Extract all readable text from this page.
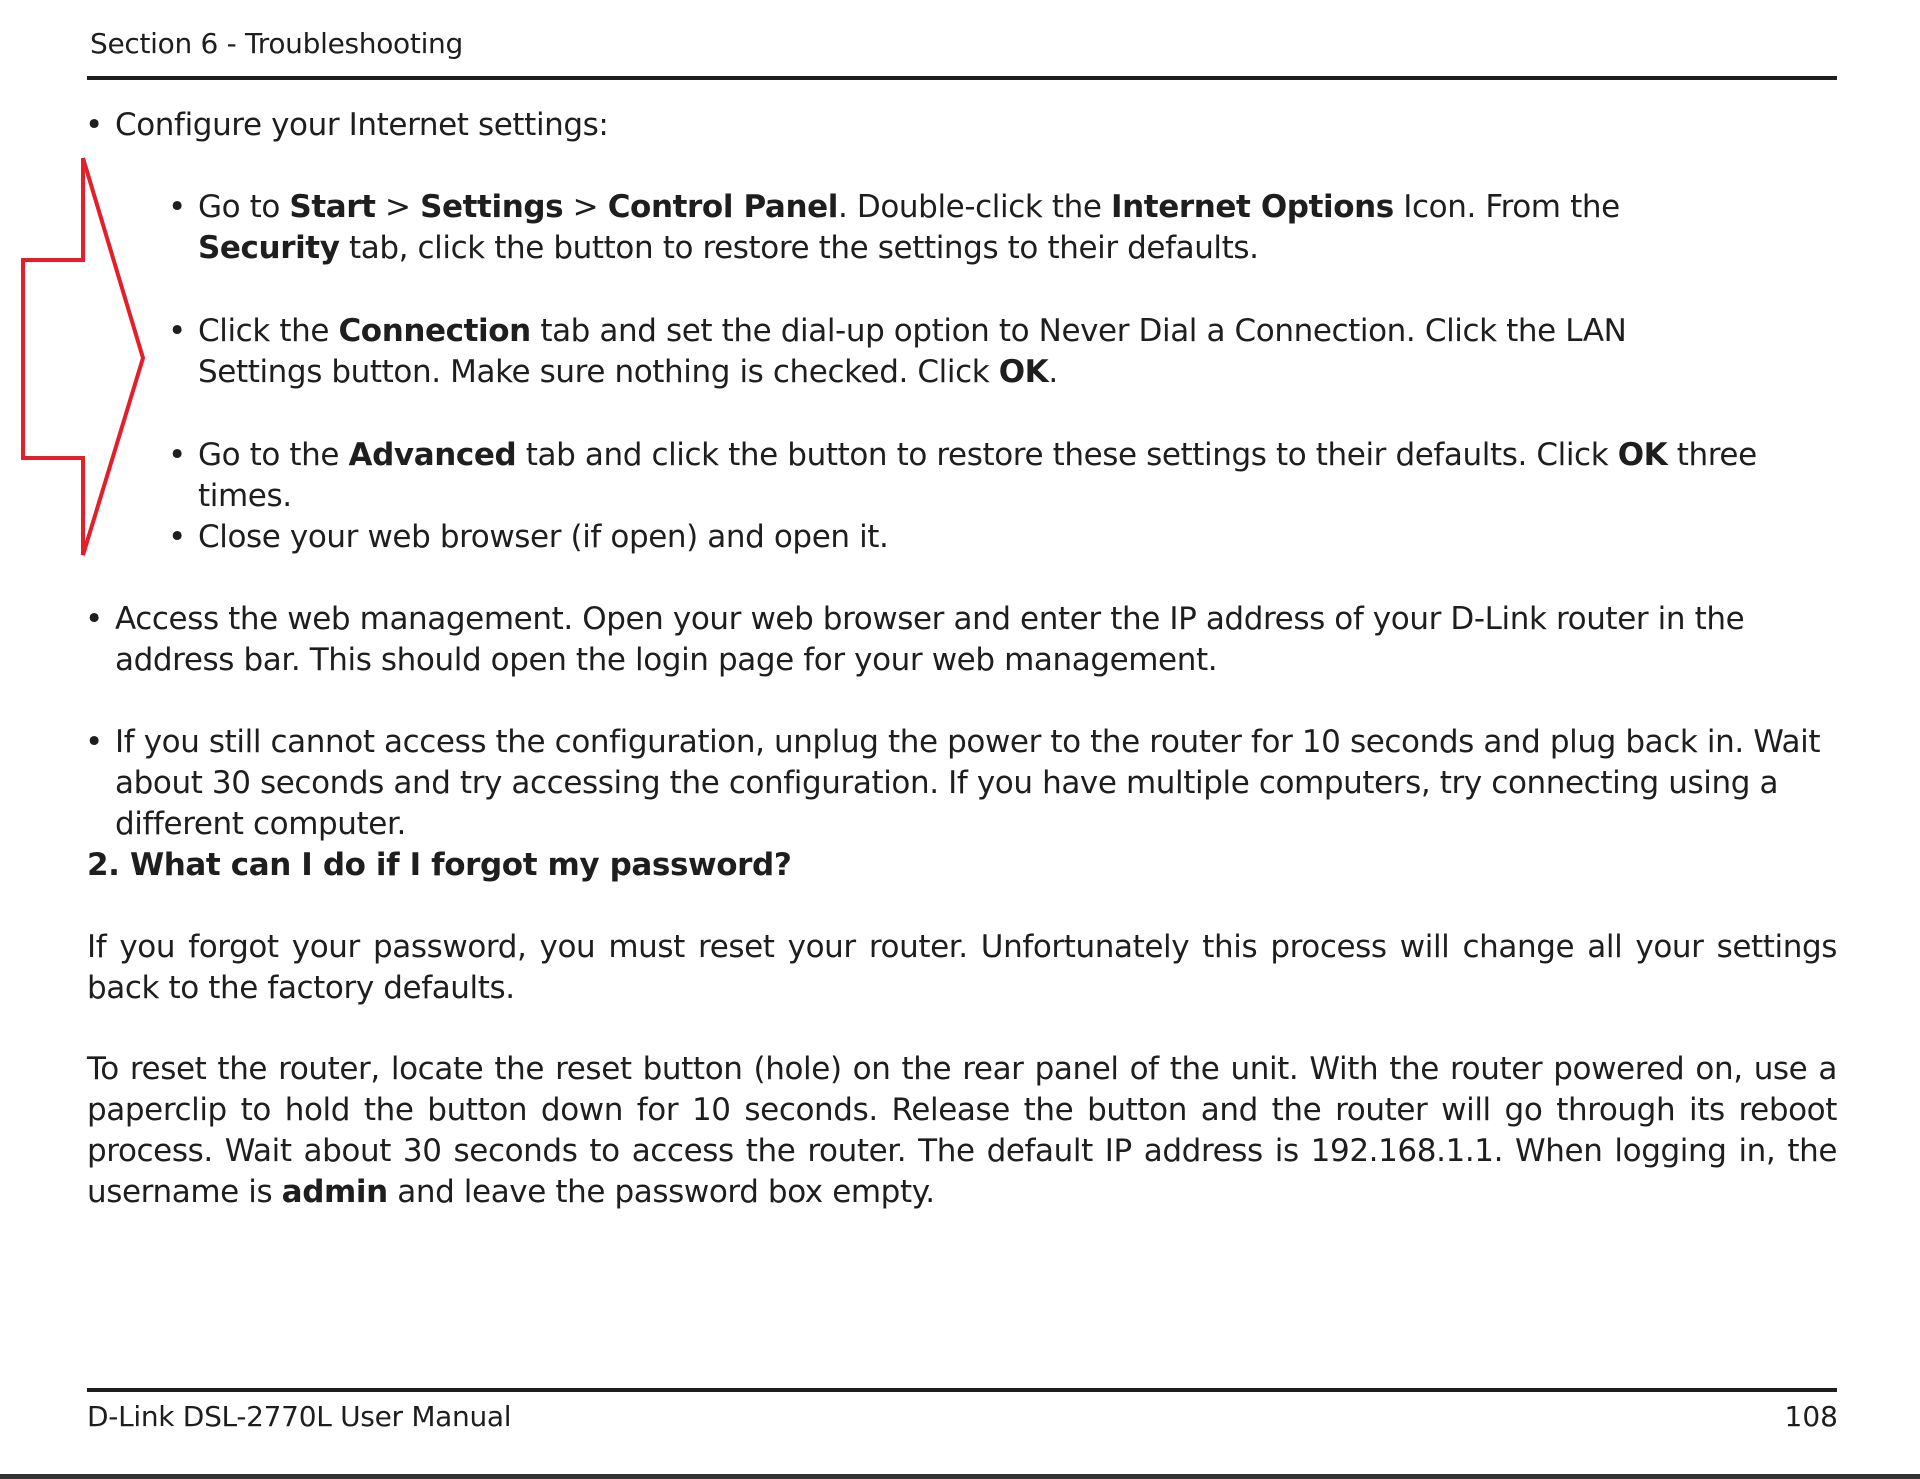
Section 6 - Troubleshooting
• Configure your Internet settings:
• Go to Start > Settings > Control Panel. Double-click the Internet Options Icon. From the Security tab, click the button to restore the settings to their defaults.
• Click the Connection tab and set the dial-up option to Never Dial a Connection. Click the LAN Settings button. Make sure nothing is checked. Click OK.
• Go to the Advanced tab and click the button to restore these settings to their defaults. Click OK three times.
• Close your web browser (if open) and open it.
• Access the web management. Open your web browser and enter the IP address of your D-Link router in the address bar. This should open the login page for your web management.
• If you still cannot access the configuration, unplug the power to the router for 10 seconds and plug back in. Wait about 30 seconds and try accessing the configuration. If you have multiple computers, try connecting using a different computer.
2. What can I do if I forgot my password?
If you forgot your password, you must reset your router. Unfortunately this process will change all your settings back to the factory defaults.
To reset the router, locate the reset button (hole) on the rear panel of the unit. With the router powered on, use a paperclip to hold the button down for 10 seconds. Release the button and the router will go through its reboot process. Wait about 30 seconds to access the router. The default IP address is 192.168.1.1. When logging in, the username is admin and leave the password box empty.
D-Link DSL-2770L User Manual	108
